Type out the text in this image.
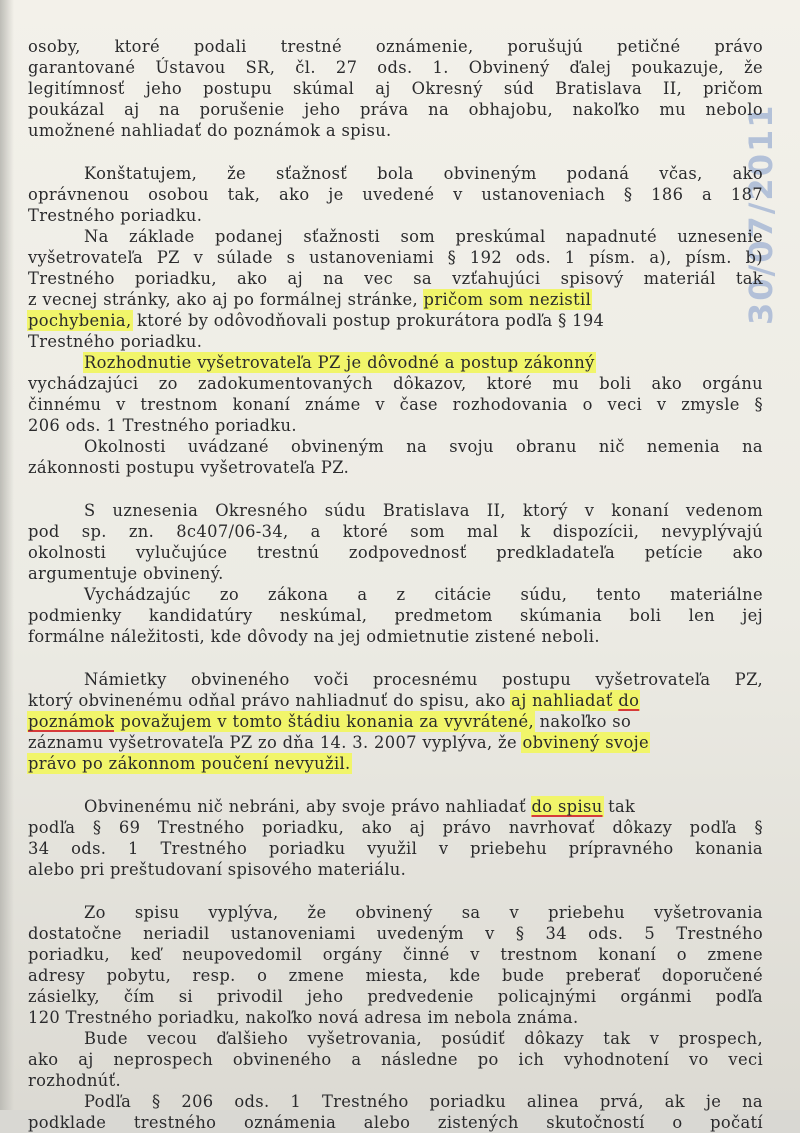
30/07/2011
osoby, ktoré podali trestné oznámenie, porušujú petičné právo
garantované Ústavou SR, čl. 27 ods. 1. Obvinený ďalej poukazuje, že
legitímnosť jeho postupu skúmal aj Okresný súd Bratislava II, pričom
poukázal aj na porušenie jeho práva na obhajobu, nakoľko mu nebolo
umožnené nahliadať do poznámok a spisu.
Konštatujem, že sťažnosť bola obvineným podaná včas, ako
oprávnenou osobou tak, ako je uvedené v ustanoveniach § 186 a 187
Trestného poriadku.
Na základe podanej sťažnosti som preskúmal napadnuté uznesenie
vyšetrovateľa PZ v súlade s ustanoveniami § 192 ods. 1 písm. a), písm. b)
Trestného poriadku, ako aj na vec sa vzťahujúci spisový materiál tak
z vecnej stránky, ako aj po formálnej stránke, pričom som nezistil
pochybenia, ktoré by odôvodňovali postup prokurátora podľa § 194
Trestného poriadku.
Rozhodnutie vyšetrovateľa PZ je dôvodné a postup zákonný
vychádzajúci zo zadokumentovaných dôkazov, ktoré mu boli ako orgánu
činnému v trestnom konaní známe v čase rozhodovania o veci v zmysle §
206 ods. 1 Trestného poriadku.
Okolnosti uvádzané obvineným na svoju obranu nič nemenia na
zákonnosti postupu vyšetrovateľa PZ.
S uznesenia Okresného súdu Bratislava II, ktorý v konaní vedenom
pod sp. zn. 8c407/06-34, a ktoré som mal k dispozícii, nevyplývajú
okolnosti vylučujúce trestnú zodpovednosť predkladateľa petície ako
argumentuje obvinený.
Vychádzajúc zo zákona a z citácie súdu, tento materiálne
podmienky kandidatúry neskúmal, predmetom skúmania boli len jej
formálne náležitosti, kde dôvody na jej odmietnutie zistené neboli.
Námietky obvineného voči procesnému postupu vyšetrovateľa PZ,
ktorý obvinenému odňal právo nahliadnuť do spisu, ako aj nahliadať do
poznámok považujem v tomto štádiu konania za vyvrátené, nakoľko so
záznamu vyšetrovateľa PZ zo dňa 14. 3. 2007 vyplýva, že obvinený svoje
právo po zákonnom poučení nevyužil.
Obvinenému nič nebráni, aby svoje právo nahliadať do spisu tak
podľa § 69 Trestného poriadku, ako aj právo navrhovať dôkazy podľa §
34 ods. 1 Trestného poriadku využil v priebehu prípravného konania
alebo pri preštudovaní spisového materiálu.
Zo spisu vyplýva, že obvinený sa v priebehu vyšetrovania
dostatočne neriadil ustanoveniami uvedeným v § 34 ods. 5 Trestného
poriadku, keď neupovedomil orgány činné v trestnom konaní o zmene
adresy pobytu, resp. o zmene miesta, kde bude preberať doporučené
zásielky, čím si privodil jeho predvedenie policajnými orgánmi podľa
120 Trestného poriadku, nakoľko nová adresa im nebola známa.
Bude vecou ďalšieho vyšetrovania, posúdiť dôkazy tak v prospech,
ako aj neprospech obvineného a následne po ich vyhodnotení vo veci
rozhodnúť.
Podľa § 206 ods. 1 Trestného poriadku alinea prvá, ak je na
podklade trestného oznámenia alebo zistených skutočností o počatí
